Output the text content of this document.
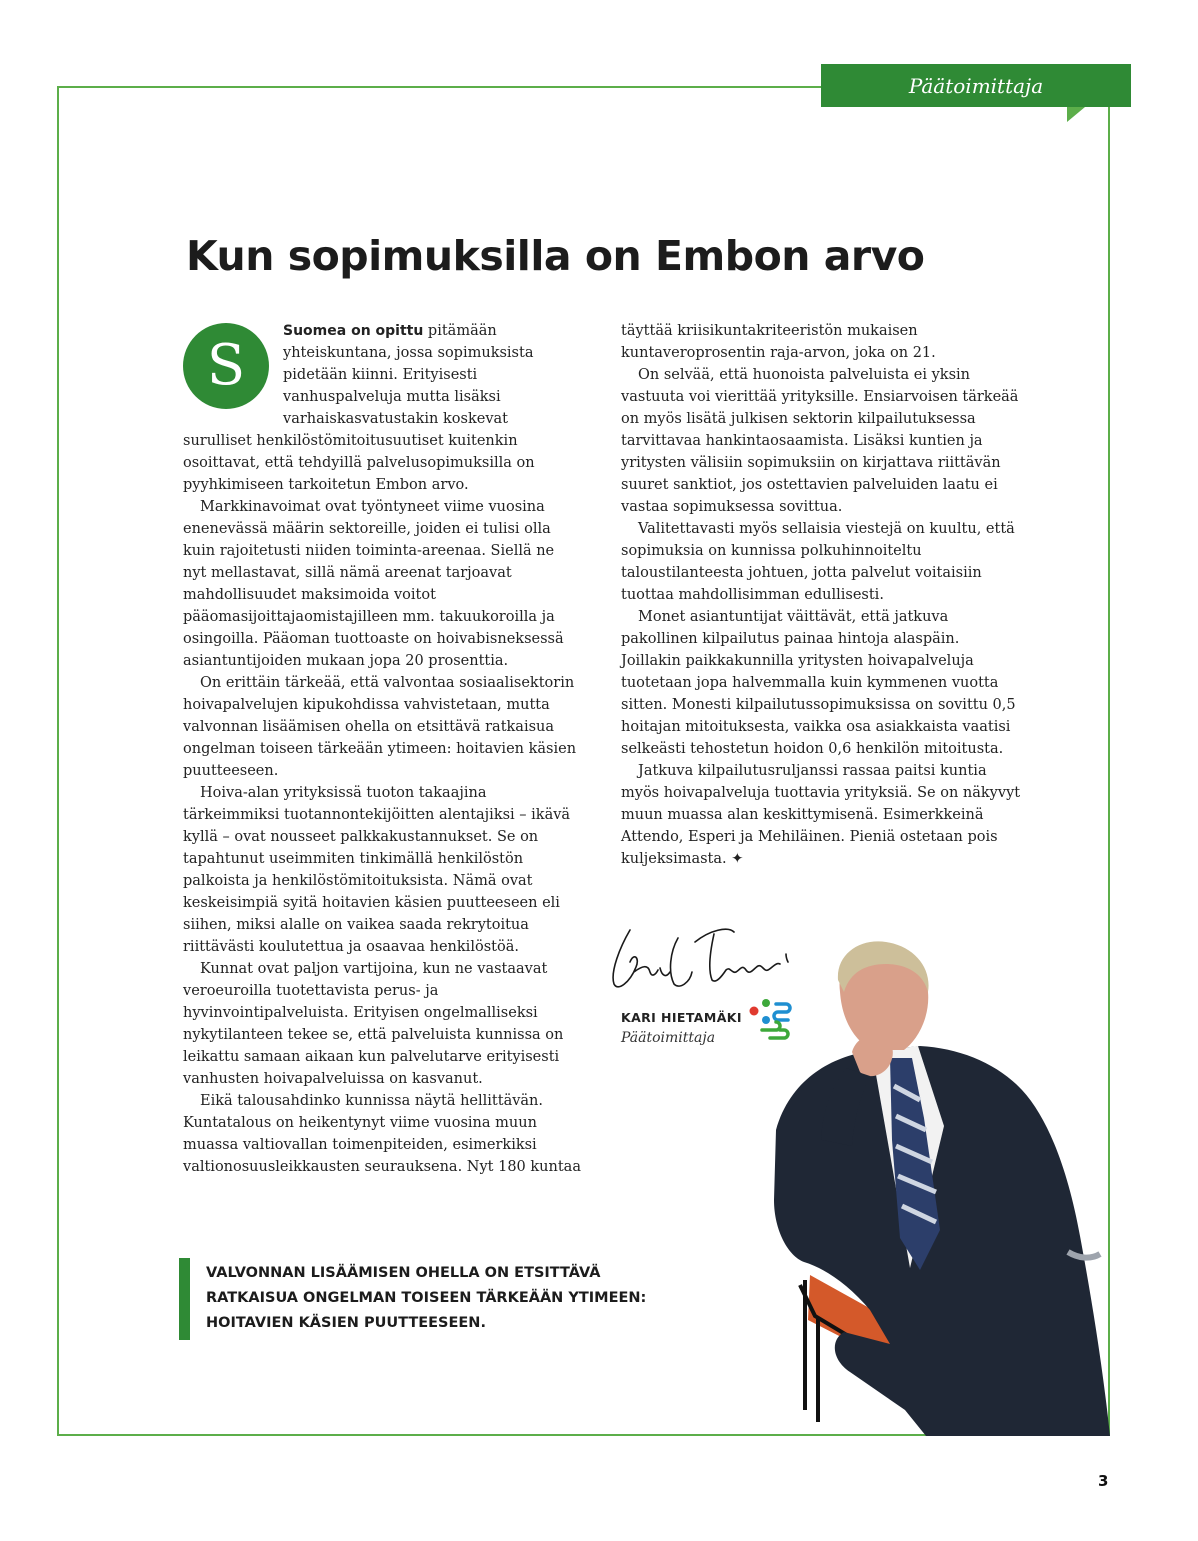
Päätoimittaja
Kun sopimuksilla on Embon arvo

S
Suomea on opittu pitämään yhteiskuntana, jossa sopimuksista pidetään kiinni. Erityisesti vanhuspalveluja mutta lisäksi varhaiskasvatustakin koskevat surulliset henkilöstömitoitusuutiset kuitenkin osoittavat, että tehdyillä palvelusopimuksilla on pyyhkimiseen tarkoitetun Embon arvo.

Markkinavoimat ovat työntyneet viime vuosina enenevässä määrin sektoreille, joiden ei tulisi olla kuin rajoitetusti niiden toiminta-areenaa. Siellä ne nyt mellastavat, sillä nämä areenat tarjoavat mahdollisuudet maksimoida voitot pääomasijoittajaomistajilleen mm. takuukoroilla ja osingoilla. Pääoman tuottoaste on hoivabisneksessä asiantuntijoiden mukaan jopa 20 prosenttia.

On erittäin tärkeää, että valvontaa sosiaalisektorin hoivapalvelujen kipukohdissa vahvistetaan, mutta valvonnan lisäämisen ohella on etsittävä ratkaisua ongelman toiseen tärkeään ytimeen: hoitavien käsien puutteeseen.

Hoiva-alan yrityksissä tuoton takaajina tärkeimmiksi tuotannontekijöitten alentajiksi – ikävä kyllä – ovat nousseet palkkakustannukset. Se on tapahtunut useimmiten tinkimällä henkilöstön palkoista ja henkilöstömitoituksista. Nämä ovat keskeisimpiä syitä hoitavien käsien puutteeseen eli siihen, miksi alalle on vaikea saada rekrytoitua riittävästi koulutettua ja osaavaa henkilöstöä.

Kunnat ovat paljon vartijoina, kun ne vastaavat veroeuroilla tuotettavista perus- ja hyvinvointipalveluista. Erityisen ongelmalliseksi nykytilanteen tekee se, että palveluista kunnissa on leikattu samaan aikaan kun palvelutarve erityisesti vanhusten hoivapalveluissa on kasvanut.

Eikä talousahdinko kunnissa näytä hellittävän. Kuntatalous on heikentynyt viime vuosina muun muassa valtiovallan toimenpiteiden, esimerkiksi valtionosuusleikkausten seurauksena. Nyt 180 kuntaa

täyttää kriisikuntakriteeristön mukaisen kuntaveroprosentin raja-arvon, joka on 21.

On selvää, että huonoista palveluista ei yksin vastuuta voi vierittää yrityksille. Ensiarvoisen tärkeää on myös lisätä julkisen sektorin kilpailutuksessa tarvittavaa hankintaosaamista. Lisäksi kuntien ja yritysten välisiin sopimuksiin on kirjattava riittävän suuret sanktiot, jos ostettavien palveluiden laatu ei vastaa sopimuksessa sovittua.

Valitettavasti myös sellaisia viestejä on kuultu, että sopimuksia on kunnissa polkuhinnoiteltu taloustilanteesta johtuen, jotta palvelut voitaisiin tuottaa mahdollisimman edullisesti.

Monet asiantuntijat väittävät, että jatkuva pakollinen kilpailutus painaa hintoja alaspäin. Joillakin paikkakunnilla yritysten hoivapalveluja tuotetaan jopa halvemmalla kuin kymmenen vuotta sitten. Monesti kilpailutussopimuksissa on sovittu 0,5 hoitajan mitoituksesta, vaikka osa asiakkaista vaatisi selkeästi tehostetun hoidon 0,6 henkilön mitoitusta.

Jatkuva kilpailutusruljanssi rassaa paitsi kuntia myös hoivapalveluja tuottavia yrityksiä. Se on näkyvyt muun muassa alan keskittymisenä. Esimerkkeinä Attendo, Esperi ja Mehiläinen. Pieniä ostetaan pois kuljeksimasta. ✦

KARI HIETAMÄKI
Päätoimittaja

VALVONNAN LISÄÄMISEN OHELLA ON ETSITTÄVÄ RATKAISUA ONGELMAN TOISEEN TÄRKEÄÄN YTIMEEN: HOITAVIEN KÄSIEN PUUTTEESEEN.

3
